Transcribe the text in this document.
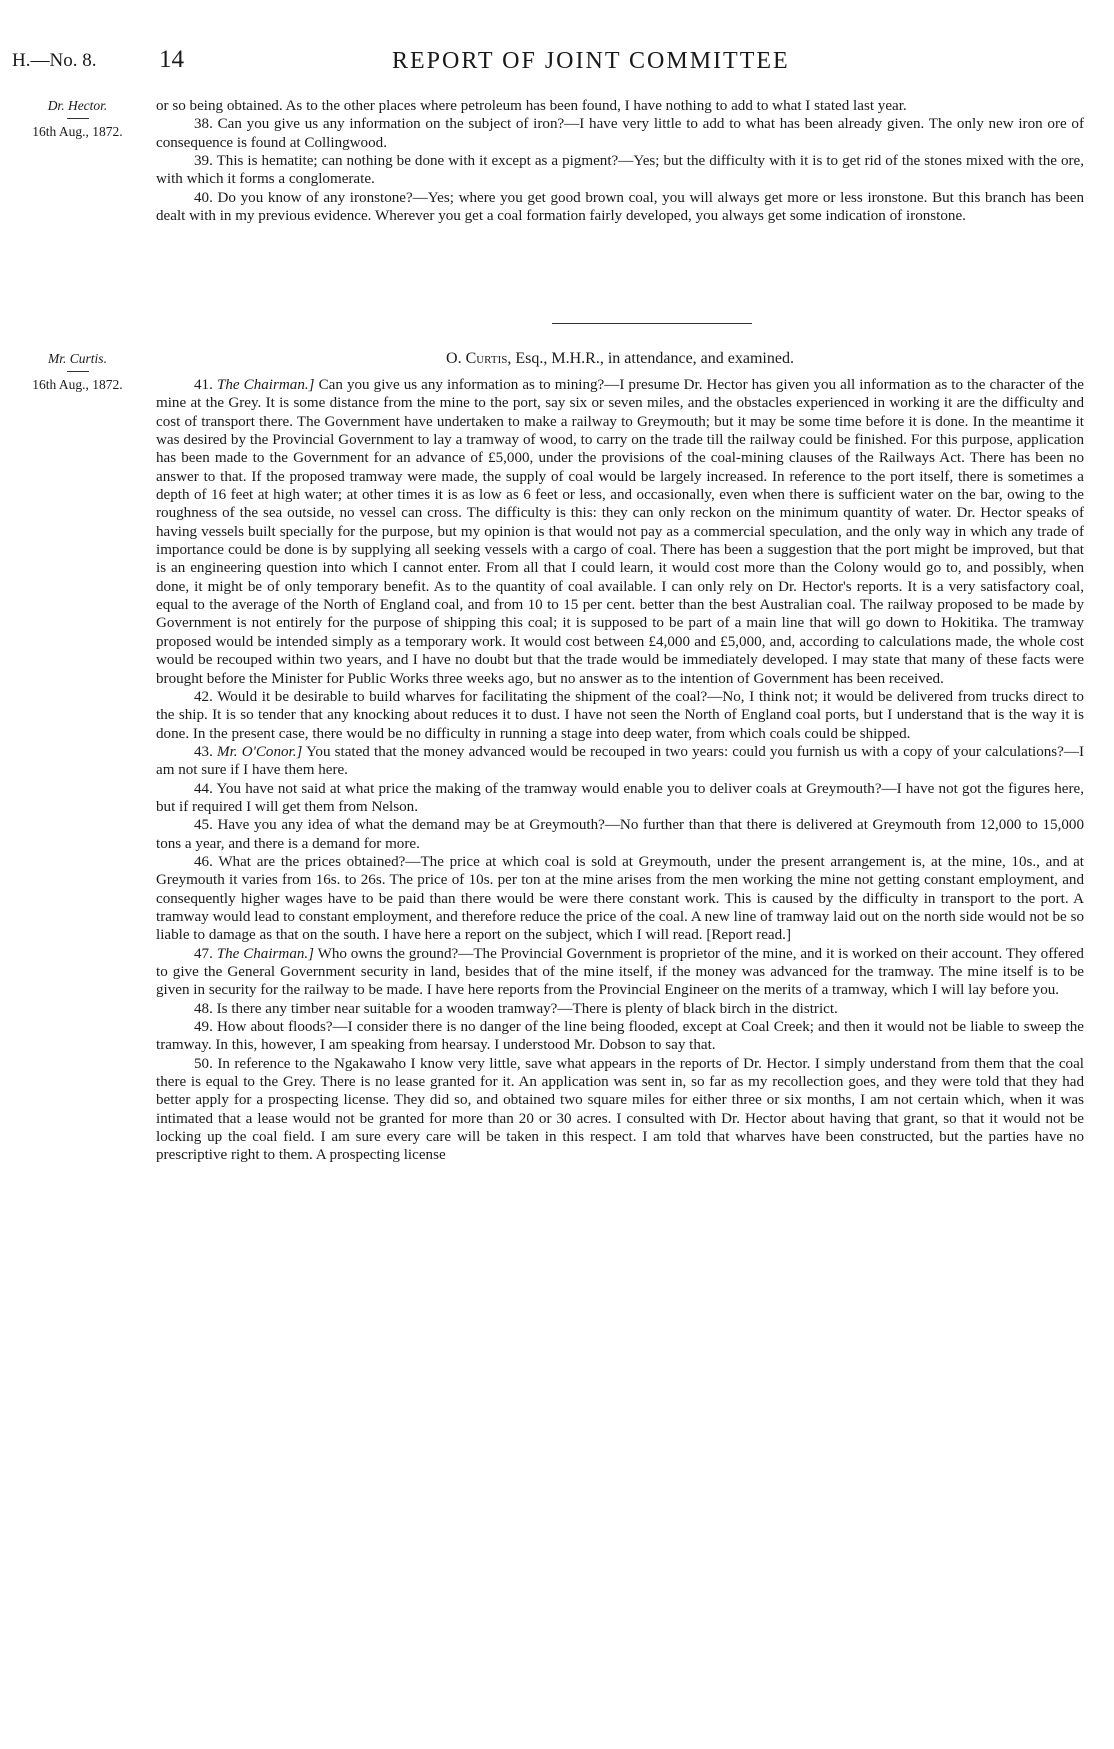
H.—No. 8.	14	REPORT OF JOINT COMMITTEE
Dr. Hector.
16th Aug., 1872.

or so being obtained. As to the other places where petroleum has been found, I have nothing to add to what I stated last year.

38. Can you give us any information on the subject of iron?—I have very little to add to what has been already given. The only new iron ore of consequence is found at Collingwood.

39. This is hematite; can nothing be done with it except as a pigment?—Yes; but the difficulty with it is to get rid of the stones mixed with the ore, with which it forms a conglomerate.

40. Do you know of any ironstone?—Yes; where you get good brown coal, you will always get more or less ironstone. But this branch has been dealt with in my previous evidence. Wherever you get a coal formation fairly developed, you always get some indication of ironstone.

Mr. Curtis.
16th Aug., 1872.
O. Curtis, Esq., M.H.R., in attendance, and examined.

41. The Chairman.] Can you give us any information as to mining?—I presume Dr. Hector has given you all information as to the character of the mine at the Grey. It is some distance from the mine to the port, say six or seven miles, and the obstacles experienced in working it are the difficulty and cost of transport there. The Government have undertaken to make a railway to Greymouth; but it may be some time before it is done. In the meantime it was desired by the Provincial Government to lay a tramway of wood, to carry on the trade till the railway could be finished. For this purpose, application has been made to the Government for an advance of £5,000, under the provisions of the coal-mining clauses of the Railways Act. There has been no answer to that. If the proposed tramway were made, the supply of coal would be largely increased. In reference to the port itself, there is sometimes a depth of 16 feet at high water; at other times it is as low as 6 feet or less, and occasionally, even when there is sufficient water on the bar, owing to the roughness of the sea outside, no vessel can cross. The difficulty is this: they can only reckon on the minimum quantity of water. Dr. Hector speaks of having vessels built specially for the purpose, but my opinion is that would not pay as a commercial speculation, and the only way in which any trade of importance could be done is by supplying all seeking vessels with a cargo of coal. There has been a suggestion that the port might be improved, but that is an engineering question into which I cannot enter. From all that I could learn, it would cost more than the Colony would go to, and possibly, when done, it might be of only temporary benefit. As to the quantity of coal available. I can only rely on Dr. Hector's reports. It is a very satisfactory coal, equal to the average of the North of England coal, and from 10 to 15 per cent. better than the best Australian coal. The railway proposed to be made by Government is not entirely for the purpose of shipping this coal; it is supposed to be part of a main line that will go down to Hokitika. The tramway proposed would be intended simply as a temporary work. It would cost between £4,000 and £5,000, and, according to calculations made, the whole cost would be recouped within two years, and I have no doubt but that the trade would be immediately developed. I may state that many of these facts were brought before the Minister for Public Works three weeks ago, but no answer as to the intention of Government has been received.

42. Would it be desirable to build wharves for facilitating the shipment of the coal?—No, I think not; it would be delivered from trucks direct to the ship. It is so tender that any knocking about reduces it to dust. I have not seen the North of England coal ports, but I understand that is the way it is done. In the present case, there would be no difficulty in running a stage into deep water, from which coals could be shipped.

43. Mr. O'Conor.] You stated that the money advanced would be recouped in two years: could you furnish us with a copy of your calculations?—I am not sure if I have them here.

44. You have not said at what price the making of the tramway would enable you to deliver coals at Greymouth?—I have not got the figures here, but if required I will get them from Nelson.

45. Have you any idea of what the demand may be at Greymouth?—No further than that there is delivered at Greymouth from 12,000 to 15,000 tons a year, and there is a demand for more.

46. What are the prices obtained?—The price at which coal is sold at Greymouth, under the present arrangement is, at the mine, 10s., and at Greymouth it varies from 16s. to 26s. The price of 10s. per ton at the mine arises from the men working the mine not getting constant employment, and consequently higher wages have to be paid than there would be were there constant work. This is caused by the difficulty in transport to the port. A tramway would lead to constant employment, and therefore reduce the price of the coal. A new line of tramway laid out on the north side would not be so liable to damage as that on the south. I have here a report on the subject, which I will read. [Report read.]

47. The Chairman.] Who owns the ground?—The Provincial Government is proprietor of the mine, and it is worked on their account. They offered to give the General Government security in land, besides that of the mine itself, if the money was advanced for the tramway. The mine itself is to be given in security for the railway to be made. I have here reports from the Provincial Engineer on the merits of a tramway, which I will lay before you.

48. Is there any timber near suitable for a wooden tramway?—There is plenty of black birch in the district.

49. How about floods?—I consider there is no danger of the line being flooded, except at Coal Creek; and then it would not be liable to sweep the tramway. In this, however, I am speaking from hearsay. I understood Mr. Dobson to say that.

50. In reference to the Ngakawaho I know very little, save what appears in the reports of Dr. Hector. I simply understand from them that the coal there is equal to the Grey. There is no lease granted for it. An application was sent in, so far as my recollection goes, and they were told that they had better apply for a prospecting license. They did so, and obtained two square miles for either three or six months, I am not certain which, when it was intimated that a lease would not be granted for more than 20 or 30 acres. I consulted with Dr. Hector about having that grant, so that it would not be locking up the coal field. I am sure every care will be taken in this respect. I am told that wharves have been constructed, but the parties have no prescriptive right to them. A prospecting license
